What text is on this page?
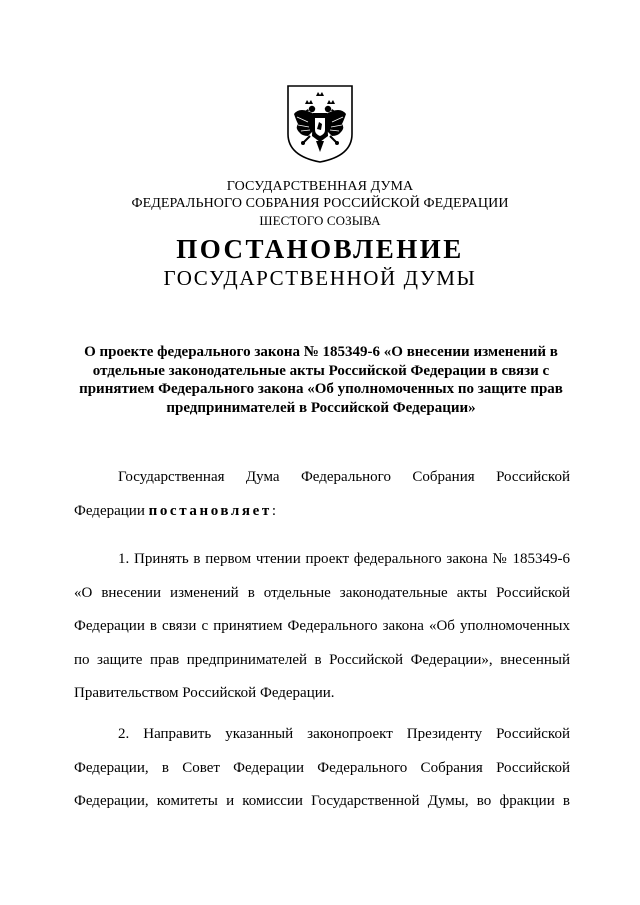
ГОСУДАРСТВЕННАЯ ДУМА
ФЕДЕРАЛЬНОГО СОБРАНИЯ РОССИЙСКОЙ ФЕДЕРАЦИИ
ШЕСТОГО СОЗЫВА
ПОСТАНОВЛЕНИЕ
ГОСУДАРСТВЕННОЙ ДУМЫ
О проекте федерального закона № 185349-6 «О внесении изменений в отдельные законодательные акты Российской Федерации в связи с принятием Федерального закона «Об уполномоченных по защите прав предпринимателей в Российской Федерации»
Государственная Дума Федерального Собрания Российской
Федерации постановляет:
1. Принять в первом чтении проект федерального закона № 185349-6
«О внесении изменений в отдельные законодательные акты Российской
Федерации в связи с принятием Федерального закона «Об уполномоченных
по защите прав предпринимателей в Российской Федерации», внесенный
Правительством Российской Федерации.
2. Направить указанный законопроект Президенту Российской
Федерации, в Совет Федерации Федерального Собрания Российской
Федерации, комитеты и комиссии Государственной Думы, во фракции в
